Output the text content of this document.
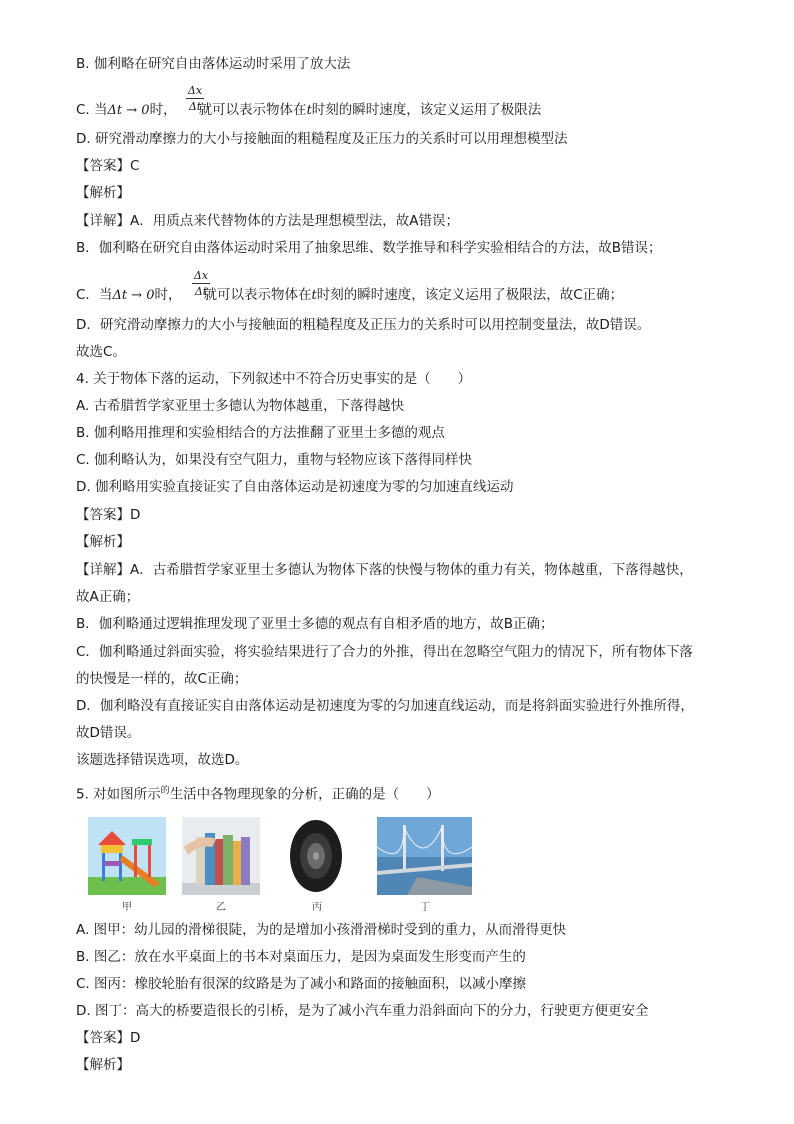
B. 伽利略在研究自由落体运动时采用了放大法
C. 当Δt → 0时， 就可以表示物体在t时刻的瞬时速度，该定义运用了极限法
Δx
Δt
D. 研究滑动摩擦力的大小与接触面的粗糙程度及正压力的关系时可以用理想模型法
【答案】C
【解析】
【详解】A．用质点来代替物体的方法是理想模型法，故A错误；
B．伽利略在研究自由落体运动时采用了抽象思维、数学推导和科学实验相结合的方法，故B错误；
C．当Δt → 0时， 就可以表示物体在t时刻的瞬时速度，该定义运用了极限法，故C正确；
Δx
Δt
D．研究滑动摩擦力的大小与接触面的粗糙程度及正压力的关系时可以用控制变量法，故D错误。
故选C。
4. 关于物体下落的运动，下列叙述中不符合历史事实的是（　　）
A. 古希腊哲学家亚里士多德认为物体越重，下落得越快
B. 伽利略用推理和实验相结合的方法推翻了亚里士多德的观点
C. 伽利略认为，如果没有空气阻力，重物与轻物应该下落得同样快
D. 伽利略用实验直接证实了自由落体运动是初速度为零的匀加速直线运动
【答案】D
【解析】
【详解】A．古希腊哲学家亚里士多德认为物体下落的快慢与物体的重力有关，物体越重，下落得越快，
故A正确；
B．伽利略通过逻辑推理发现了亚里士多德的观点有自相矛盾的地方，故B正确；
C．伽利略通过斜面实验，将实验结果进行了合力的外推，得出在忽略空气阻力的情况下，所有物体下落
的快慢是一样的，故C正确；
D．伽利略没有直接证实自由落体运动是初速度为零的匀加速直线运动，而是将斜面实验进行外推所得，
故D错误。
该题选择错误选项，故选D。
5. 对如图所示$^的$生活中各物理现象的分析，正确的是（　　）
甲	乙	丙	丁
A. 图甲：幼儿园的滑梯很陡，为的是增加小孩滑滑梯时受到的重力，从而滑得更快
B. 图乙：放在水平桌面上的书本对桌面压力，是因为桌面发生形变而产生的
C. 图丙：橡胶轮胎有很深的纹路是为了减小和路面的接触面积，以减小摩擦
D. 图丁：高大的桥要造很长的引桥，是为了减小汽车重力沿斜面向下的分力，行驶更方便更安全
【答案】D
【解析】
